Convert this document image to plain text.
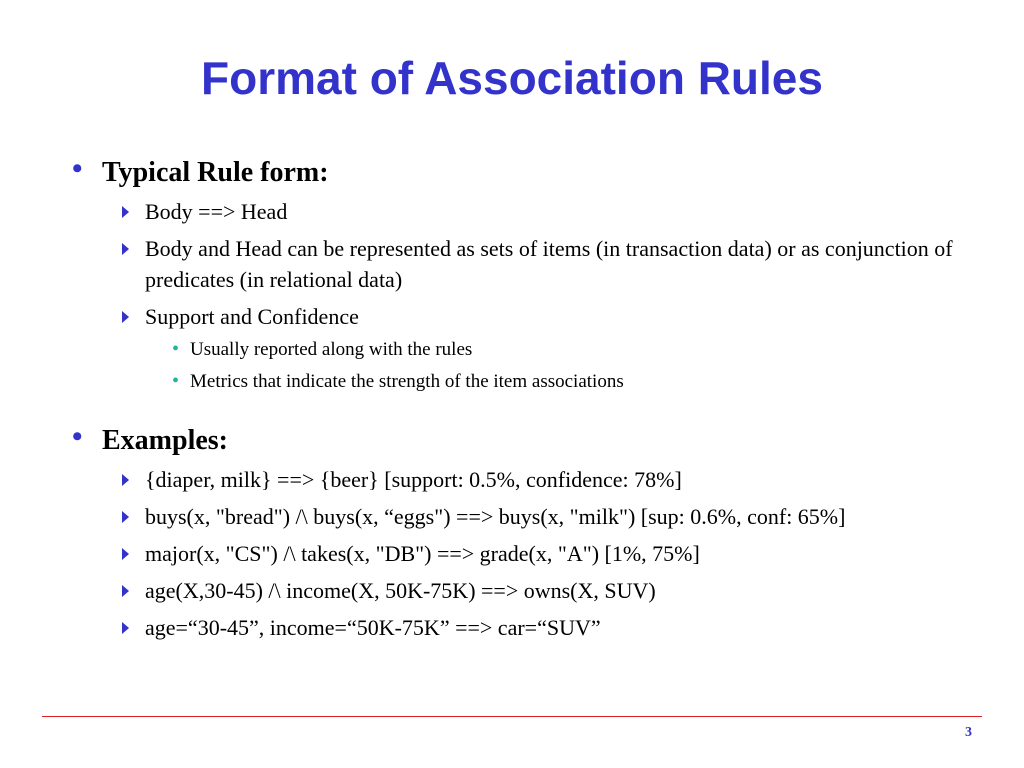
Format of Association Rules
• Typical Rule form:
Body ==> Head
Body and Head can be represented as sets of items (in transaction data) or as conjunction of predicates (in relational data)
Support and Confidence
• Usually reported along with the rules
• Metrics that indicate the strength of the item associations
• Examples:
{diaper, milk} ==> {beer} [support: 0.5%, confidence: 78%]
buys(x, "bread") /\ buys(x, “eggs") ==> buys(x, "milk") [sup: 0.6%, conf: 65%]
major(x, "CS") /\ takes(x, "DB") ==> grade(x, "A") [1%, 75%]
age(X,30-45) /\ income(X, 50K-75K) ==> owns(X, SUV)
age=“30-45”, income=“50K-75K” ==> car=“SUV”
3
